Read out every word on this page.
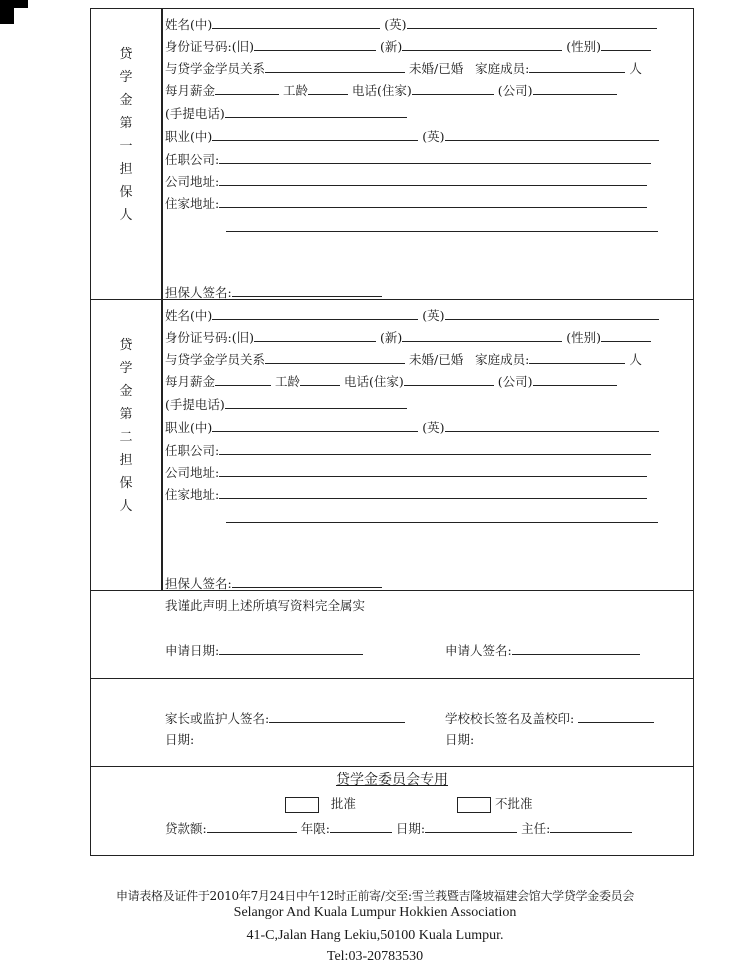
贷
学
金
第
一
担
保
人
姓名(中)	(英)
身份证号码:(旧)	(新)	(性别)
与贷学金学员关系	未婚/已婚 家庭成员:	人
每月薪金	工龄	电话(住家)	(公司)
(手提电话)
职业(中)	(英)
任职公司:
公司地址:
住家地址:
担保人签名:
贷
学
金
第
二
担
保
人
姓名(中)	(英)
身份证号码:(旧)	(新)	(性别)
与贷学金学员关系	未婚/已婚 家庭成员:	人
每月薪金	工龄	电话(住家)	(公司)
(手提电话)
职业(中)	(英)
任职公司:
公司地址:
住家地址:
担保人签名:
我谨此声明上述所填写资料完全属实
申请日期:	申请人签名:
家长或监护人签名:
日期:
学校校长签名及盖校印:
日期:
贷学金委员会专用
批准	不批准
贷款额:	年限:	日期:	主任:
申请表格及证件于2010年7月24日中午12时正前寄/交至:雪兰莪暨吉隆坡福建会馆大学贷学金委员会
Selangor And Kuala Lumpur Hokkien Association
41-C,Jalan Hang Lekiu,50100 Kuala Lumpur.
Tel:03-20783530
